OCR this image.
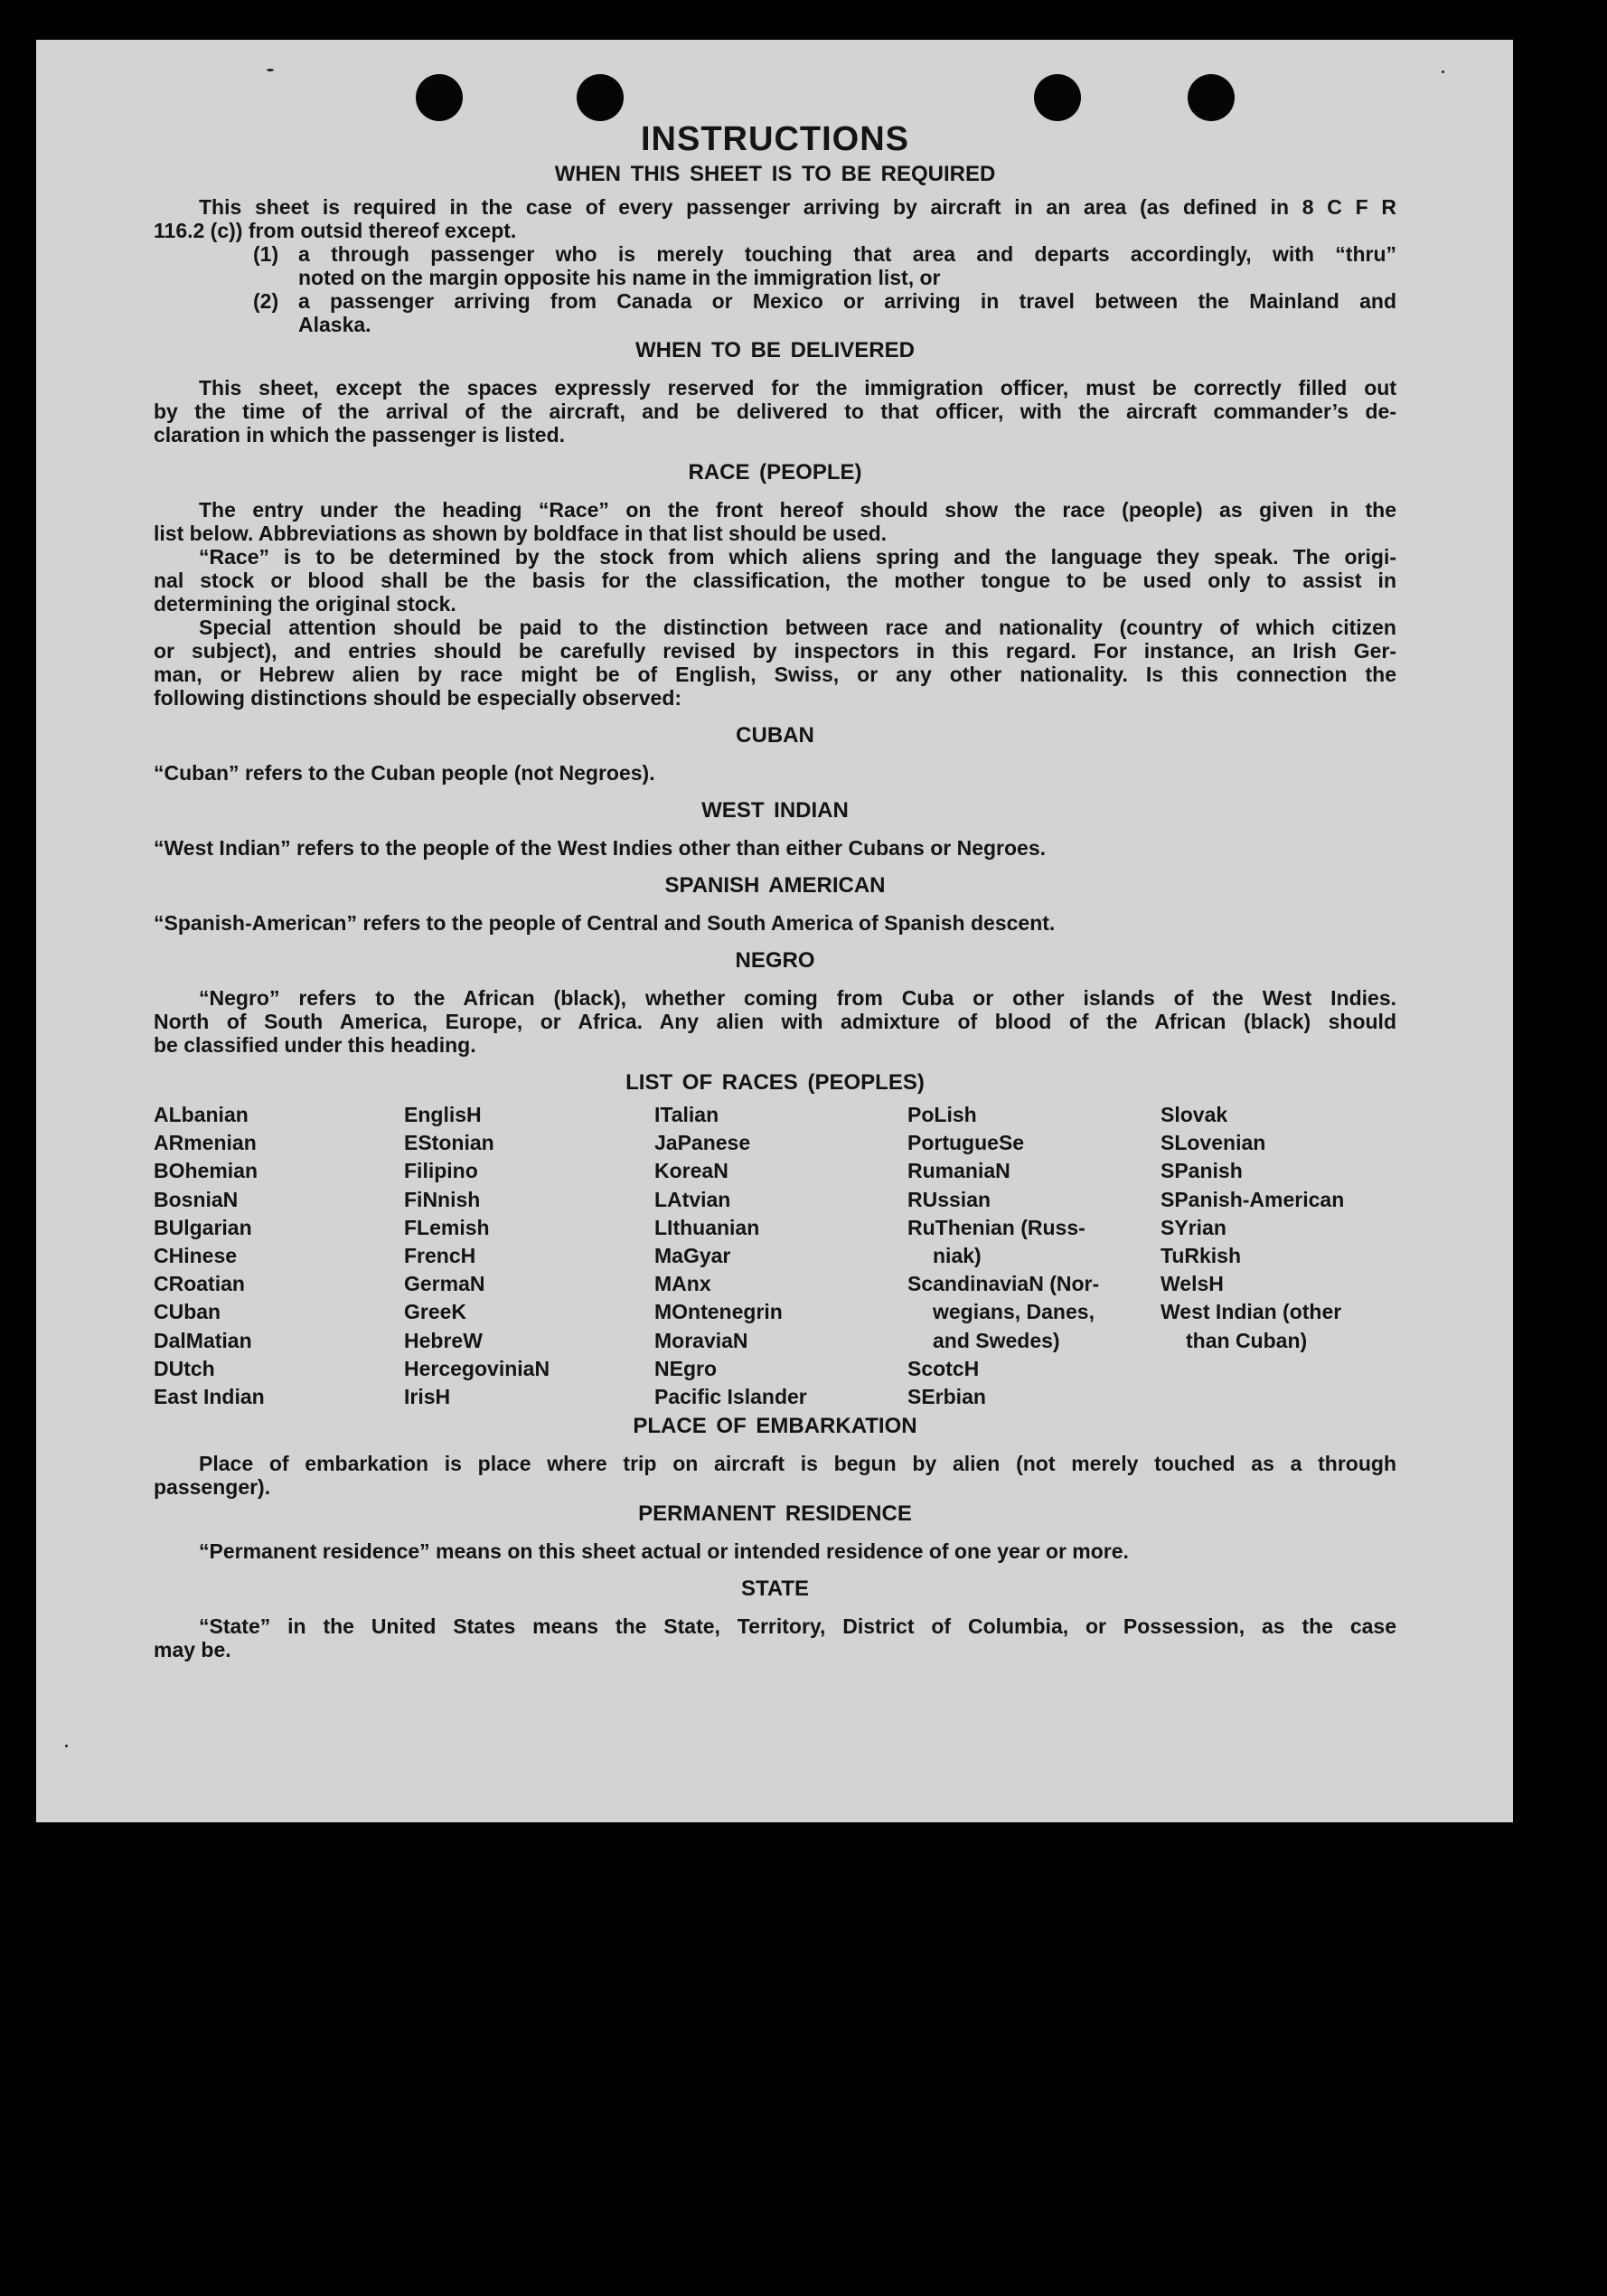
INSTRUCTIONS
WHEN THIS SHEET IS TO BE REQUIRED
This sheet is required in the case of every passenger arriving by aircraft in an area (as defined in 8 C F R
116.2 (c)) from outsid thereof except.
(1) a through passenger who is merely touching that area and departs accordingly, with “thru”
noted on the margin opposite his name in the immigration list, or
(2) a passenger arriving from Canada or Mexico or arriving in travel between the Mainland and
Alaska.
WHEN TO BE DELIVERED
This sheet, except the spaces expressly reserved for the immigration officer, must be correctly filled out
by the time of the arrival of the aircraft, and be delivered to that officer, with the aircraft commander’s de-
claration in which the passenger is listed.
RACE (PEOPLE)
The entry under the heading “Race” on the front hereof should show the race (people) as given in the
list below. Abbreviations as shown by boldface in that list should be used.
“Race” is to be determined by the stock from which aliens spring and the language they speak. The origi-
nal stock or blood shall be the basis for the classification, the mother tongue to be used only to assist in
determining the original stock.
Special attention should be paid to the distinction between race and nationality (country of which citizen
or subject), and entries should be carefully revised by inspectors in this regard. For instance, an Irish Ger-
man, or Hebrew alien by race might be of English, Swiss, or any other nationality. Is this connection the
following distinctions should be especially observed:
CUBAN
“Cuban” refers to the Cuban people (not Negroes).
WEST INDIAN
“West Indian” refers to the people of the West Indies other than either Cubans or Negroes.
SPANISH AMERICAN
“Spanish-American” refers to the people of Central and South America of Spanish descent.
NEGRO
“Negro” refers to the African (black), whether coming from Cuba or other islands of the West Indies.
North of South America, Europe, or Africa. Any alien with admixture of blood of the African (black) should
be classified under this heading.
LIST OF RACES (PEOPLES)
ALbanian
ARmenian
BOhemian
BosniaN
BUlgarian
CHinese
CRoatian
CUban
DalMatian
DUtch
East Indian
EnglisH
EStonian
Filipino
FiNnish
FLemish
FrencH
GermaN
GreeK
HebreW
HercegoviniaN
IrisH
ITalian
JaPanese
KoreaN
LAtvian
LIthuanian
MaGyar
MAnx
MOntenegrin
MoraviaN
NEgro
Pacific Islander
PoLish
PortugueSe
RumaniaN
RUssian
RuThenian (Russ-
niak)
ScandinaviaN (Nor-
wegians, Danes,
and Swedes)
ScotcH
SErbian
Slovak
SLovenian
SPanish
SPanish-American
SYrian
TuRkish
WelsH
West Indian (other
than Cuban)
PLACE OF EMBARKATION
Place of embarkation is place where trip on aircraft is begun by alien (not merely touched as a through
passenger).
PERMANENT RESIDENCE
“Permanent residence” means on this sheet actual or intended residence of one year or more.
STATE
“State” in the United States means the State, Territory, District of Columbia, or Possession, as the case
may be.
